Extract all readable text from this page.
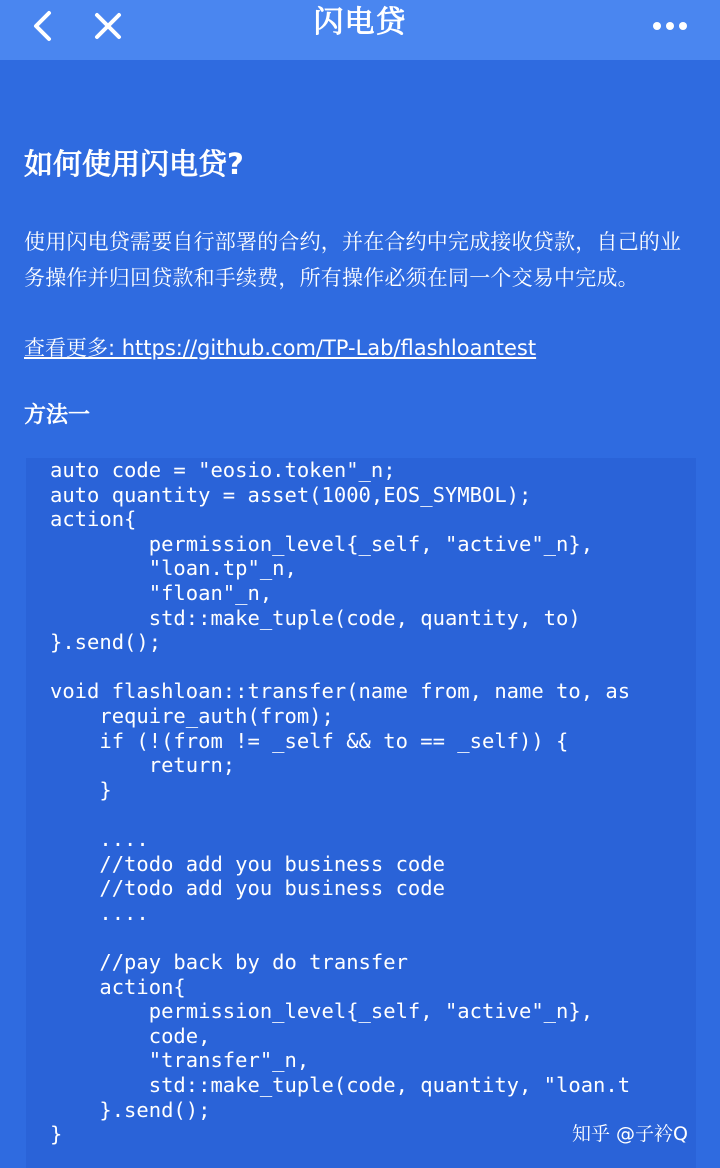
闪电贷
如何使用闪电贷?
使用闪电贷需要自行部署的合约，并在合约中完成接收贷款，自己的业务操作并归回贷款和手续费，所有操作必须在同一个交易中完成。
查看更多: https://github.com/TP-Lab/flashloantest
方法一
auto code = "eosio.token"_n;
auto quantity = asset(1000,EOS_SYMBOL);
action{
permission_level{_self, "active"_n},
"loan.tp"_n,
"floan"_n,
std::make_tuple(code, quantity, to)
}.send();
void flashloan::transfer(name from, name to, as
require_auth(from);
if (!(from != _self && to == _self)) {
return;
}
....
//todo add you business code
//todo add you business code
....
//pay back by do transfer
action{
permission_level{_self, "active"_n},
code,
"transfer"_n,
std::make_tuple(code, quantity, "loan.t
}.send();
}	知乎 @子衿Q
